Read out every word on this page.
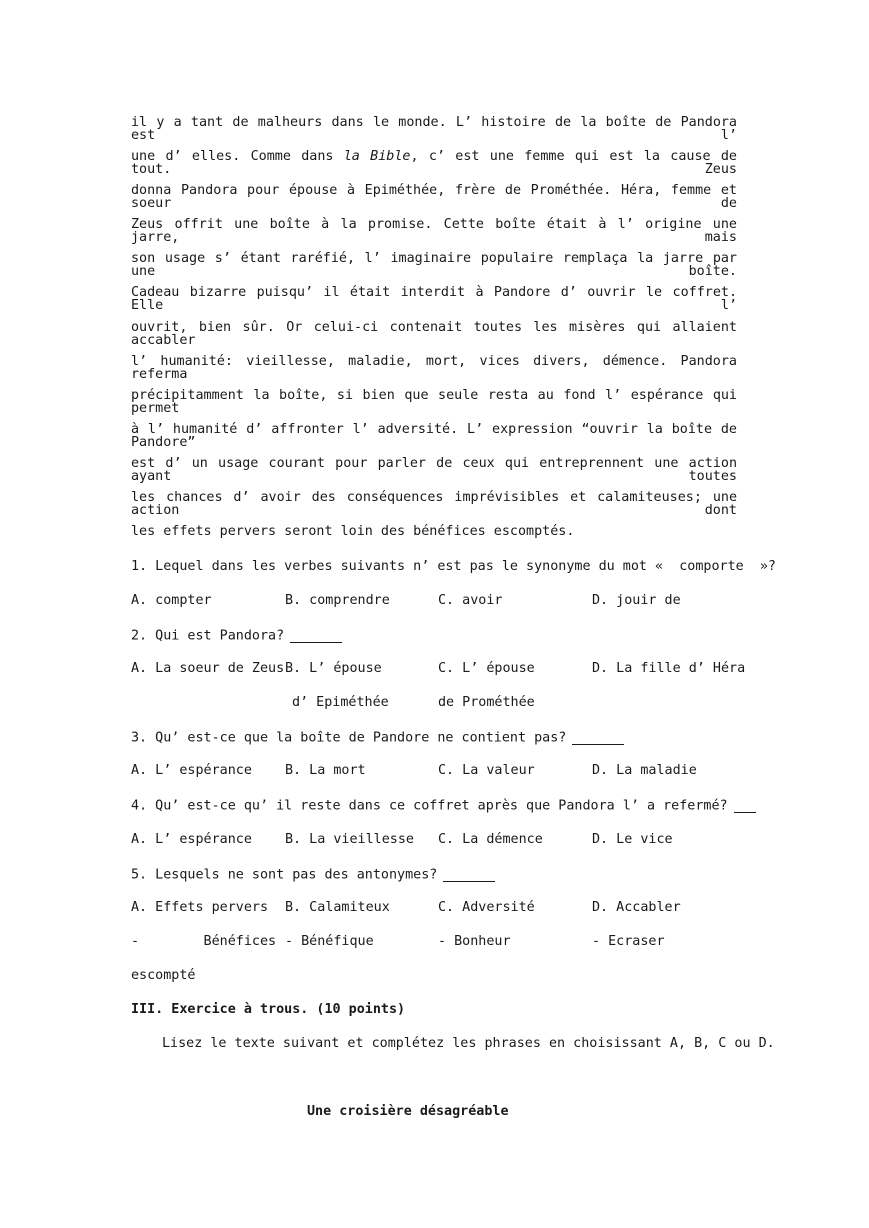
il y a tant de malheurs dans le monde. L’ histoire de la boîte de Pandora est l’
une d’ elles. Comme dans la Bible, c’ est une femme qui est la cause de tout. Zeus
donna Pandora pour épouse à Epiméthée, frère de Prométhée. Héra, femme et soeur de
Zeus offrit une boîte à la promise. Cette boîte était à l’ origine une jarre, mais
son usage s’ étant raréfié, l’ imaginaire populaire remplaça la jarre par une boîte.
Cadeau bizarre puisqu’ il était interdit à Pandore d’ ouvrir le coffret. Elle l’
ouvrit, bien sûr. Or celui-ci contenait toutes les misères qui allaient accabler
l’ humanité: vieillesse, maladie, mort, vices divers, démence. Pandora referma
précipitamment la boîte, si bien que seule resta au fond l’ espérance qui permet
à l’ humanité d’ affronter l’ adversité. L’ expression “ouvrir la boîte de Pandore”
est d’ un usage courant pour parler de ceux qui entreprennent une action ayant toutes
les chances d’ avoir des conséquences imprévisibles et calamiteuses; une action dont
les effets pervers seront loin des bénéfices escomptés.
1. Lequel dans les verbes suivants n’ est pas le synonyme du mot «  comporte  »?
A. compter	B. comprendre	C. avoir	D. jouir de
2. Qui est Pandora?
A. La soeur de Zeus B. L’ épouse	C. L’ épouse	D. La fille d’ Héra
d’ Epiméthée	de Prométhée
3. Qu’ est-ce que la boîte de Pandore ne contient pas?
A. L’ espérance B. La mort	C. La valeur	D. La maladie
4. Qu’ est-ce qu’ il reste dans ce coffret après que Pandora l’ a refermé?
A. L’ espérance B. La vieillesse C. La démence	D. Le vice
5. Lesquels ne sont pas des antonymes?
A. Effets pervers B. Calamiteux	C. Adversité	D. Accabler
-        Bénéfices - Bénéfique	- Bonheur	- Ecraser
escompté
III. Exercice à trous. (10 points)
Lisez le texte suivant et complétez les phrases en choisissant A, B, C ou D.
Une croisière désagréable
